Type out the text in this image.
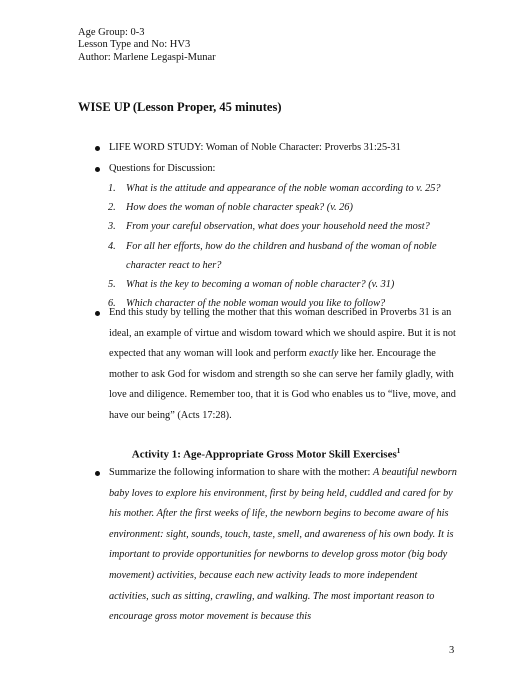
Age Group: 0-3
Lesson Type and No: HV3
Author: Marlene Legaspi-Munar
WISE UP (Lesson Proper, 45 minutes)
LIFE WORD STUDY: Woman of Noble Character: Proverbs 31:25-31
Questions for Discussion:
1. What is the attitude and appearance of the noble woman according to v. 25?
2. How does the woman of noble character speak? (v. 26)
3. From your careful observation, what does your household need the most?
4. For all her efforts, how do the children and husband of the woman of noble character react to her?
5. What is the key to becoming a woman of noble character? (v. 31)
6. Which character of the noble woman would you like to follow?
End this study by telling the mother that this woman described in Proverbs 31 is an ideal, an example of virtue and wisdom toward which we should aspire. But it is not expected that any woman will look and perform exactly like her. Encourage the mother to ask God for wisdom and strength so she can serve her family gladly, with love and diligence. Remember too, that it is God who enables us to “live, move, and have our being” (Acts 17:28).
Activity 1: Age-Appropriate Gross Motor Skill Exercises$^1$
Summarize the following information to share with the mother: A beautiful newborn baby loves to explore his environment, first by being held, cuddled and cared for by his mother. After the first weeks of life, the newborn begins to become aware of his environment: sight, sounds, touch, taste, smell, and awareness of his own body. It is important to provide opportunities for newborns to develop gross motor (big body movement) activities, because each new activity leads to more independent activities, such as sitting, crawling, and walking. The most important reason to encourage gross motor movement is because this
3
